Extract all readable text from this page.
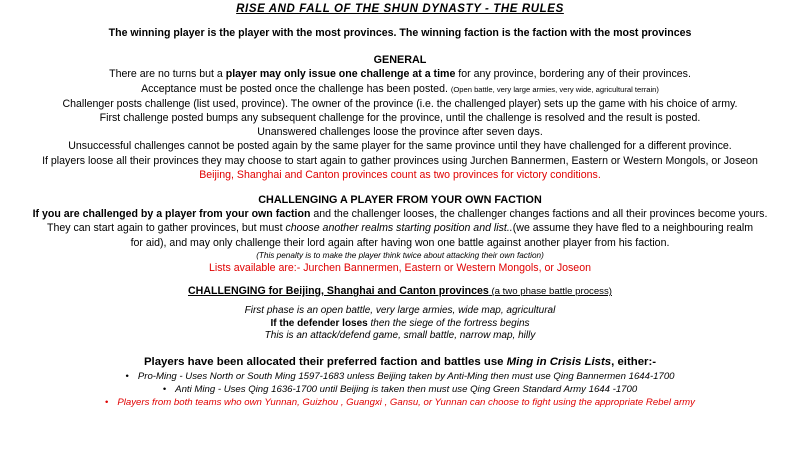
RISE AND FALL OF THE SHUN DYNASTY - THE RULES
The winning player is the player with the most provinces. The winning faction is the faction with the most provinces
GENERAL
There are no turns but a player may only issue one challenge at a time for any province, bordering any of their provinces.
Acceptance must be posted once the challenge has been posted. (Open battle, very large armies, very wide, agricultural terrain)
Challenger posts challenge (list used, province). The owner of the province (i.e. the challenged player) sets up the game with his choice of army.
First challenge posted bumps any subsequent challenge for the province, until the challenge is resolved and the result is posted.
Unanswered challenges loose the province after seven days.
Unsuccessful challenges cannot be posted again by the same player for the same province until they have challenged for a different province.
If players loose all their provinces they may choose to start again to gather provinces using Jurchen Bannermen, Eastern or Western Mongols, or Joseon
Beijing, Shanghai and Canton provinces count as two provinces for victory conditions.
CHALLENGING A PLAYER FROM YOUR OWN FACTION
If you are challenged by a player from your own faction and the challenger looses, the challenger changes factions and all their provinces become yours.
They can start again to gather provinces, but must choose another realms starting position and list..(we assume they have fled to a neighbouring realm
for aid), and may only challenge their lord again after having won one battle against another player from his faction.
(This penalty is to make the player think twice about attacking their own faction)
Lists available are:- Jurchen Bannermen, Eastern or Western Mongols, or Joseon
CHALLENGING for Beijing, Shanghai and Canton provinces (a two phase battle process)
First phase is an open battle, very large armies, wide map, agricultural
If the defender loses then the siege of the fortress begins
This is an attack/defend game, small battle, narrow map, hilly
Players have been allocated their preferred faction and battles use Ming in Crisis Lists, either:-
• Pro-Ming - Uses North or South Ming 1597-1683 unless Beijing taken by Anti-Ming then must use Qing Bannermen 1644-1700
• Anti Ming - Uses Qing 1636-1700 until Beijing is taken then must use Qing Green Standard Army 1644 -1700
• Players from both teams who own Yunnan, Guizhou , Guangxi , Gansu, or Yunnan can choose to fight using the appropriate Rebel army
